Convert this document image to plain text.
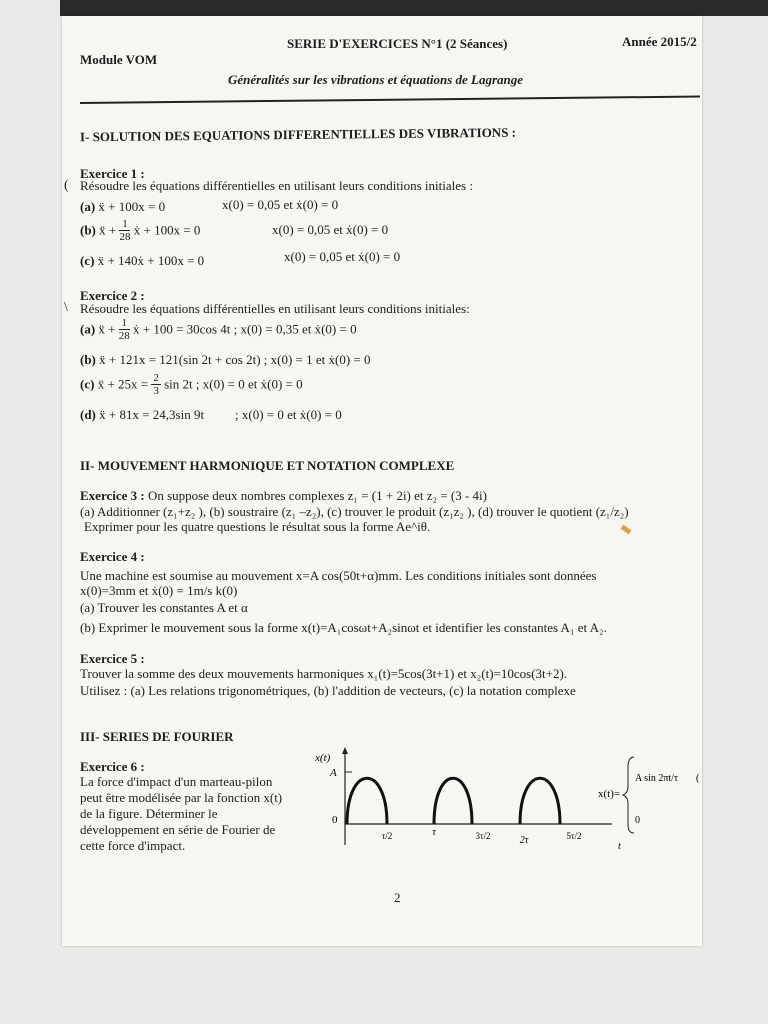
Module VOM
SERIE D'EXERCICES N°1 (2 Séances)	Année 2015/2
Généralités sur les vibrations et équations de Lagrange
I- SOLUTION DES EQUATIONS DIFFERENTIELLES DES VIBRATIONS :
(
Exercice 1 :
Résoudre les équations différentielles en utilisant leurs conditions initiales :
(a) ẍ + 100x = 0	x(0) = 0,05 et ẋ(0) = 0
(b) ẍ + $\frac{1}{28}$ ẋ + 100x = 0	x(0) = 0,05 et ẋ(0) = 0
(c) ẍ + 140ẋ + 100x = 0	x(0) = 0,05 et ẋ(0) = 0
\
Exercice 2 :
Résoudre les équations différentielles en utilisant leurs conditions initiales:
(a) ẍ + $\frac{1}{28}$ ẋ + 100 = 30cos 4t ; x(0) = 0,35 et ẋ(0) = 0
(b) ẍ + 121x = 121(sin 2t + cos 2t) ; x(0) = 1 et ẋ(0) = 0
(c) ẍ + $25x = \frac{2}{3}$ sin 2t ; x(0) = 0 et ẋ(0) = 0
(d) ẍ + 81x = 24,3sin 9t ; x(0) = 0 et ẋ(0) = 0
II- MOUVEMENT HARMONIQUE ET NOTATION COMPLEXE
Exercice 3 : On suppose deux nombres complexes z₁ = (1 + 2i) et z₂ = (3 - 4i)
(a) Additionner (z₁+z₂ ), (b) soustraire (z₁ –z₂), (c) trouver le produit (z₁z₂ ), (d) trouver le quotient (z₁/z₂)
Exprimer pour les quatre questions le résultat sous la forme Ae^iθ.
Exercice 4 :
Une machine est soumise au mouvement x=A cos(50t+α)mm. Les conditions initiales sont données
x(0)=3mm et ẋ(0) = 1m/s k(0)
(a) Trouver les constantes A et α
(b) Exprimer le mouvement sous la forme x(t)=A₁cosωt+A₂sinωt et identifier les constantes A₁ et A₂.
Exercice 5 :
Trouver la somme des deux mouvements harmoniques x₁(t)=5cos(3t+1) et x₂(t)=10cos(3t+2).
Utilisez : (a) Les relations trigonométriques, (b) l'addition de vecteurs, (c) la notation complexe
III- SERIES DE FOURIER
Exercice 6 :
La force d'impact d'un marteau-pilon
peut être modélisée par la fonction x(t)
de la figure. Déterminer le
développement en série de Fourier de
cette force d'impact.
x(t)
A
0
τ/2	τ	3τ/2	2τ	5τ/2
t
x(t)=
A sin 2πt/τ
0
(
2
